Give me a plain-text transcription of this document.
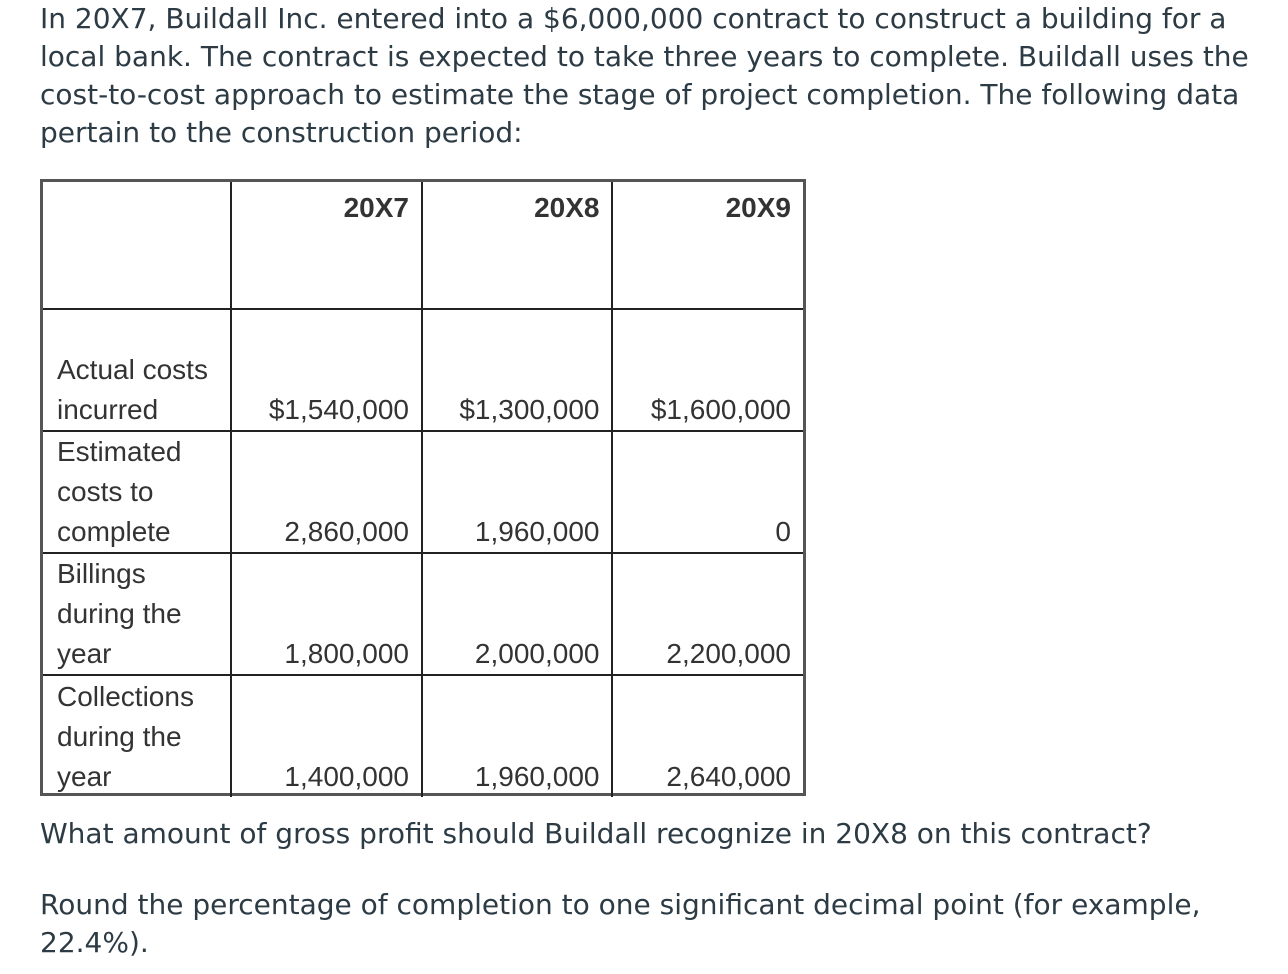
In 20X7, Buildall Inc. entered into a $6,000,000 contract to construct a building for a local bank. The contract is expected to take three years to complete. Buildall uses the cost-to-cost approach to estimate the stage of project completion. The following data pertain to the construction period:

	20X7	20X8	20X9
Actual costs incurred	$1,540,000	$1,300,000	$1,600,000
Estimated costs to complete	2,860,000	1,960,000	0
Billings during the year	1,800,000	2,000,000	2,200,000
Collections during the year	1,400,000	1,960,000	2,640,000

What amount of gross profit should Buildall recognize in 20X8 on this contract?

Round the percentage of completion to one significant decimal point (for example, 22.4%).
